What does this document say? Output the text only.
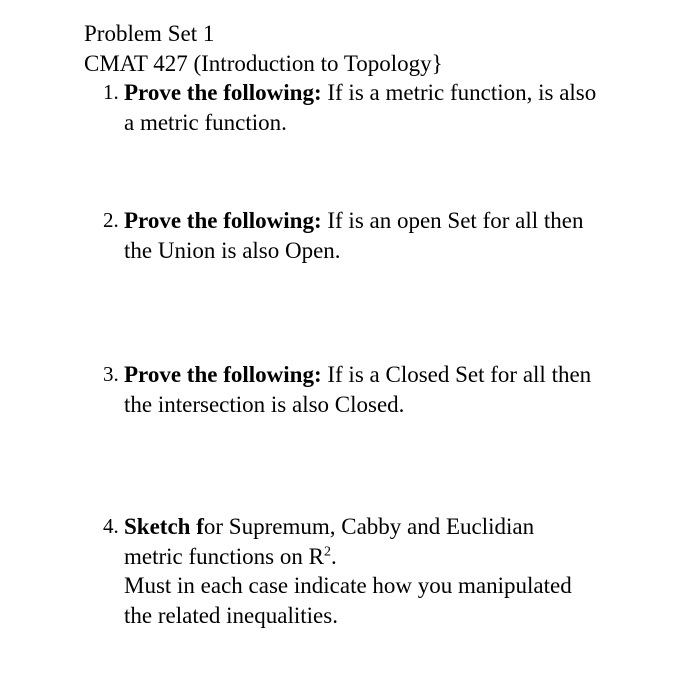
Problem Set 1
CMAT 427 (Introduction to Topology}
1. Prove the following: If is a metric function, is also
a metric function.
2. Prove the following: If is an open Set for all then
the Union is also Open.
3. Prove the following: If is a Closed Set for all then
the intersection is also Closed.
4. Sketch for Supremum, Cabby and Euclidian
metric functions on $R^2$.
Must in each case indicate how you manipulated
the related inequalities.
